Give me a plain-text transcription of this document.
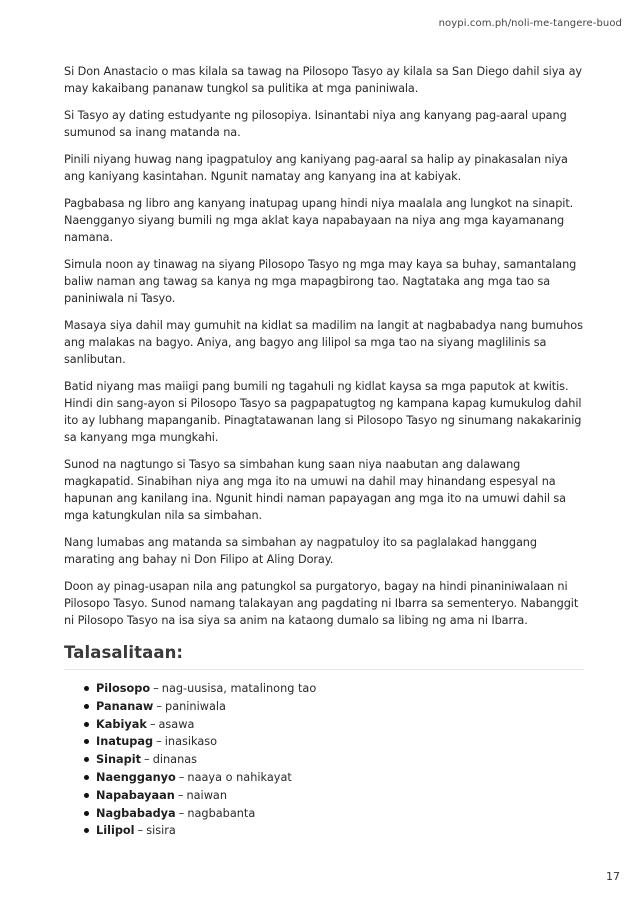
noypi.com.ph/noli-me-tangere-buod

Si Don Anastacio o mas kilala sa tawag na Pilosopo Tasyo ay kilala sa San Diego dahil siya ay may kakaibang pananaw tungkol sa pulitika at mga paniniwala.

Si Tasyo ay dating estudyante ng pilosopiya. Isinantabi niya ang kanyang pag-aaral upang sumunod sa inang matanda na.

Pinili niyang huwag nang ipagpatuloy ang kaniyang pag-aaral sa halip ay pinakasalan niya ang kaniyang kasintahan. Ngunit namatay ang kanyang ina at kabiyak.

Pagbabasa ng libro ang kanyang inatupag upang hindi niya maalala ang lungkot na sinapit. Naengganyo siyang bumili ng mga aklat kaya napabayaan na niya ang mga kayamanang namana.

Simula noon ay tinawag na siyang Pilosopo Tasyo ng mga may kaya sa buhay, samantalang baliw naman ang tawag sa kanya ng mga mapagbirong tao. Nagtataka ang mga tao sa paniniwala ni Tasyo.

Masaya siya dahil may gumuhit na kidlat sa madilim na langit at nagbabadya nang bumuhos ang malakas na bagyo. Aniya, ang bagyo ang lilipol sa mga tao na siyang maglilinis sa sanlibutan.

Batid niyang mas maiigi pang bumili ng tagahuli ng kidlat kaysa sa mga paputok at kwitis. Hindi din sang-ayon si Pilosopo Tasyo sa pagpapatugtog ng kampana kapag kumukulog dahil ito ay lubhang mapanganib. Pinagtatawanan lang si Pilosopo Tasyo ng sinumang nakakarinig sa kanyang mga mungkahi.

Sunod na nagtungo si Tasyo sa simbahan kung saan niya naabutan ang dalawang magkapatid. Sinabihan niya ang mga ito na umuwi na dahil may hinandang espesyal na hapunan ang kanilang ina. Ngunit hindi naman papayagan ang mga ito na umuwi dahil sa mga katungkulan nila sa simbahan.

Nang lumabas ang matanda sa simbahan ay nagpatuloy ito sa paglalakad hanggang marating ang bahay ni Don Filipo at Aling Doray.

Doon ay pinag-usapan nila ang patungkol sa purgatoryo, bagay na hindi pinaniniwalaan ni Pilosopo Tasyo. Sunod namang talakayan ang pagdating ni Ibarra sa sementeryo. Nabanggit ni Pilosopo Tasyo na isa siya sa anim na kataong dumalo sa libing ng ama ni Ibarra.

Talasalitaan:
Pilosopo – nag-uusisa, matalinong tao
Pananaw – paniniwala
Kabiyak – asawa
Inatupag – inasikaso
Sinapit – dinanas
Naengganyo – naaya o nahikayat
Napabayaan – naiwan
Nagbabadya – nagbabanta
Lilipol – sisira
17
